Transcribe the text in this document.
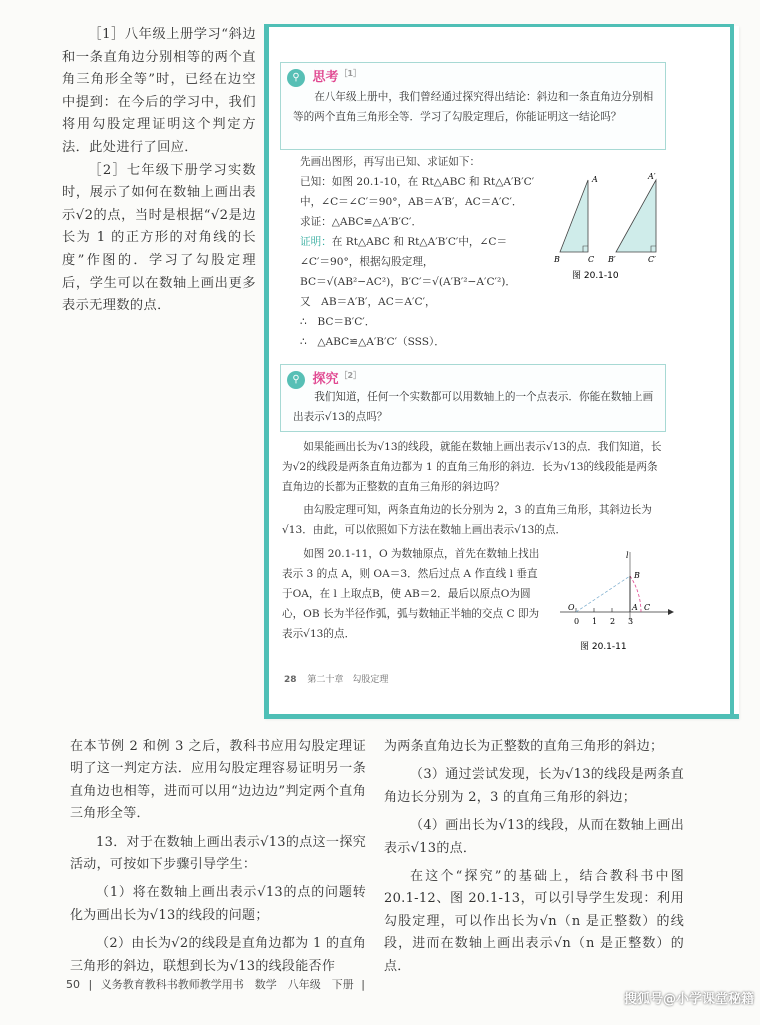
［1］八年级上册学习“斜边和一条直角边分别相等的两个直角三角形全等”时，已经在边空中提到：在今后的学习中，我们将用勾股定理证明这个判定方法．此处进行了回应．

［2］七年级下册学习实数时，展示了如何在数轴上画出表示√2的点，当时是根据“√2是边长为 1 的正方形的对角线的长度”作图的．学习了勾股定理后，学生可以在数轴上画出更多表示无理数的点．

⚲ 思考$^{[1]}$
在八年级上册中，我们曾经通过探究得出结论：斜边和一条直角边分别相等的两个直角三角形全等．学习了勾股定理后，你能证明这一结论吗？
先画出图形，再写出已知、求证如下：
已知：如图 20.1-10，在 Rt△ABC 和 Rt△A′B′C′
中，∠C＝∠C′＝90°，AB＝A′B′，AC＝A′C′．
求证：△ABC≌△A′B′C′．
证明：在 Rt△ABC 和 Rt△A′B′C′中，∠C＝
∠C′＝90°，根据勾股定理，
BC＝√(AB²−AC²)，B′C′＝√(A′B′²−A′C′²)．
又　AB＝A′B′，AC＝A′C′，
∴　BC＝B′C′．
∴　△ABC≌△A′B′C′（SSS）．
A
B	C
A′
B′	C′
图 20.1-10
⚲ 探究$^{[2]}$
我们知道，任何一个实数都可以用数轴上的一个点表示．你能在数轴上画出表示√13的点吗？
如果能画出长为√13的线段，就能在数轴上画出表示√13的点．我们知道，长为√2的线段是两条直角边都为 1 的直角三角形的斜边．长为√13的线段能是两条直角边的长都为正整数的直角三角形的斜边吗？
由勾股定理可知，两条直角边的长分别为 2，3 的直角三角形，其斜边长为√13．由此，可以依照如下方法在数轴上画出表示√13的点．
如图 20.1-11，O 为数轴原点，首先在数轴上找出表示 3 的点 A，则 OA＝3．然后过点 A 作直线 l 垂直于OA，在 l 上取点B，使 AB＝2．最后以原点O为圆心，OB 长为半径作弧，弧与数轴正半轴的交点 C 即为表示√13的点．
l
B
O	A C
0 1 2 3
图 20.1-11
28 第二十章　勾股定理

在本节例 2 和例 3 之后，教科书应用勾股定理证明了这一判定方法．应用勾股定理容易证明另一条直角边也相等，进而可以用“边边边”判定两个直角三角形全等．

13．对于在数轴上画出表示√13的点这一探究活动，可按如下步骤引导学生：

（1）将在数轴上画出表示√13的点的问题转化为画出长为√13的线段的问题；

（2）由长为√2的线段是直角边都为 1 的直角三角形的斜边，联想到长为√13的线段能否作

为两条直角边长为正整数的直角三角形的斜边；

（3）通过尝试发现，长为√13的线段是两条直角边长分别为 2，3 的直角三角形的斜边；

（4）画出长为√13的线段，从而在数轴上画出表示√13的点．

在这个“探究”的基础上，结合教科书中图 20.1-12、图 20.1-13，可以引导学生发现：利用勾股定理，可以作出长为√n（n 是正整数）的线段，进而在数轴上画出表示√n（n 是正整数）的点．

50 | 义务教育教科书教师教学用书　数学　八年级　下册 |
搜狐号@小学课堂秘籍
